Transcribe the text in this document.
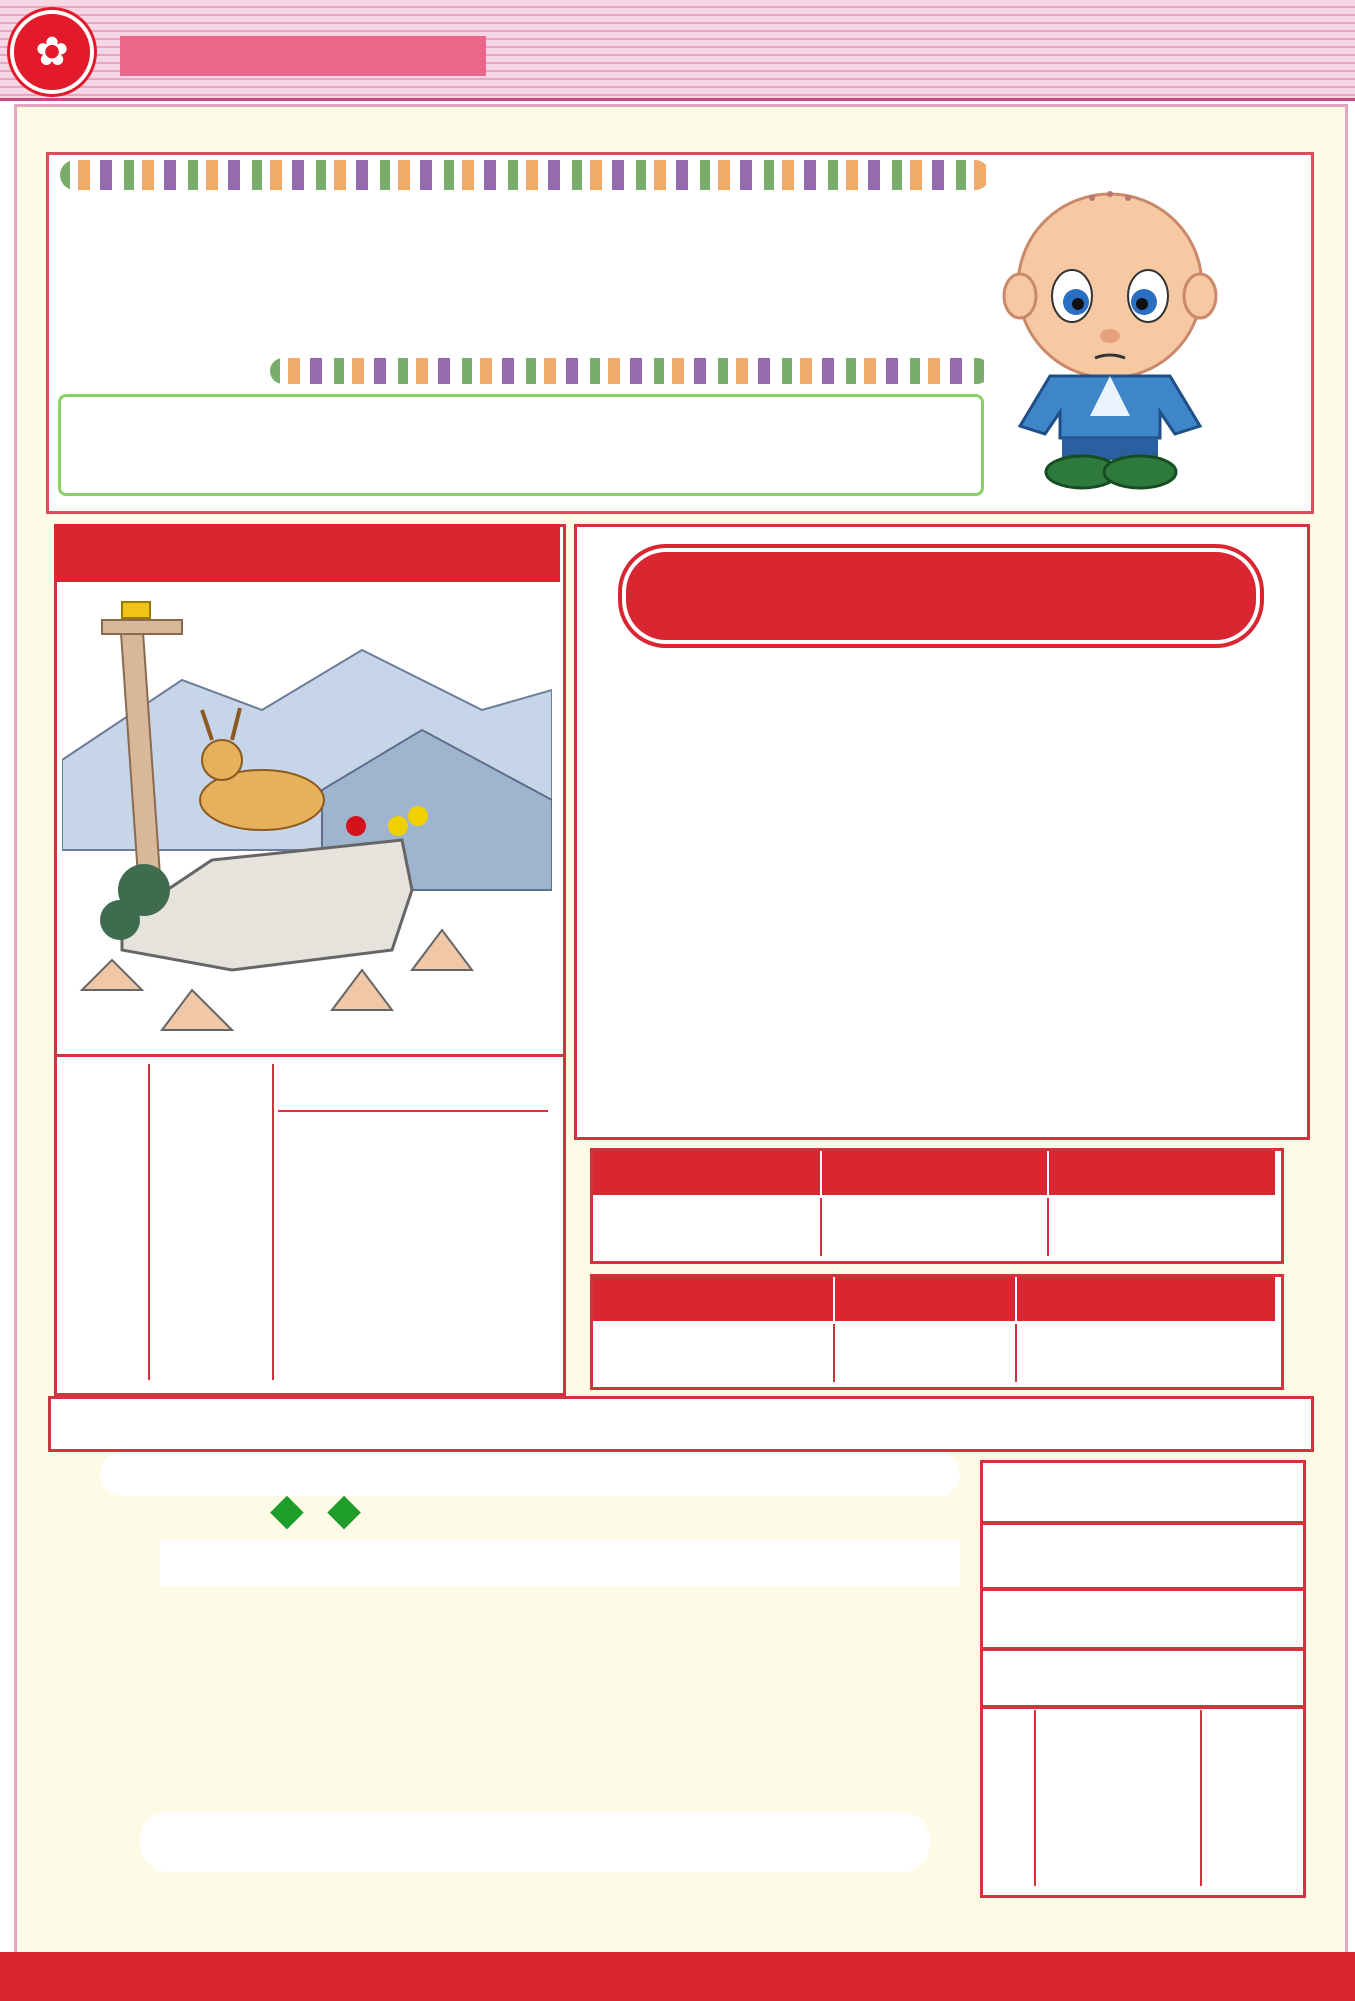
✿
◆ ◆
